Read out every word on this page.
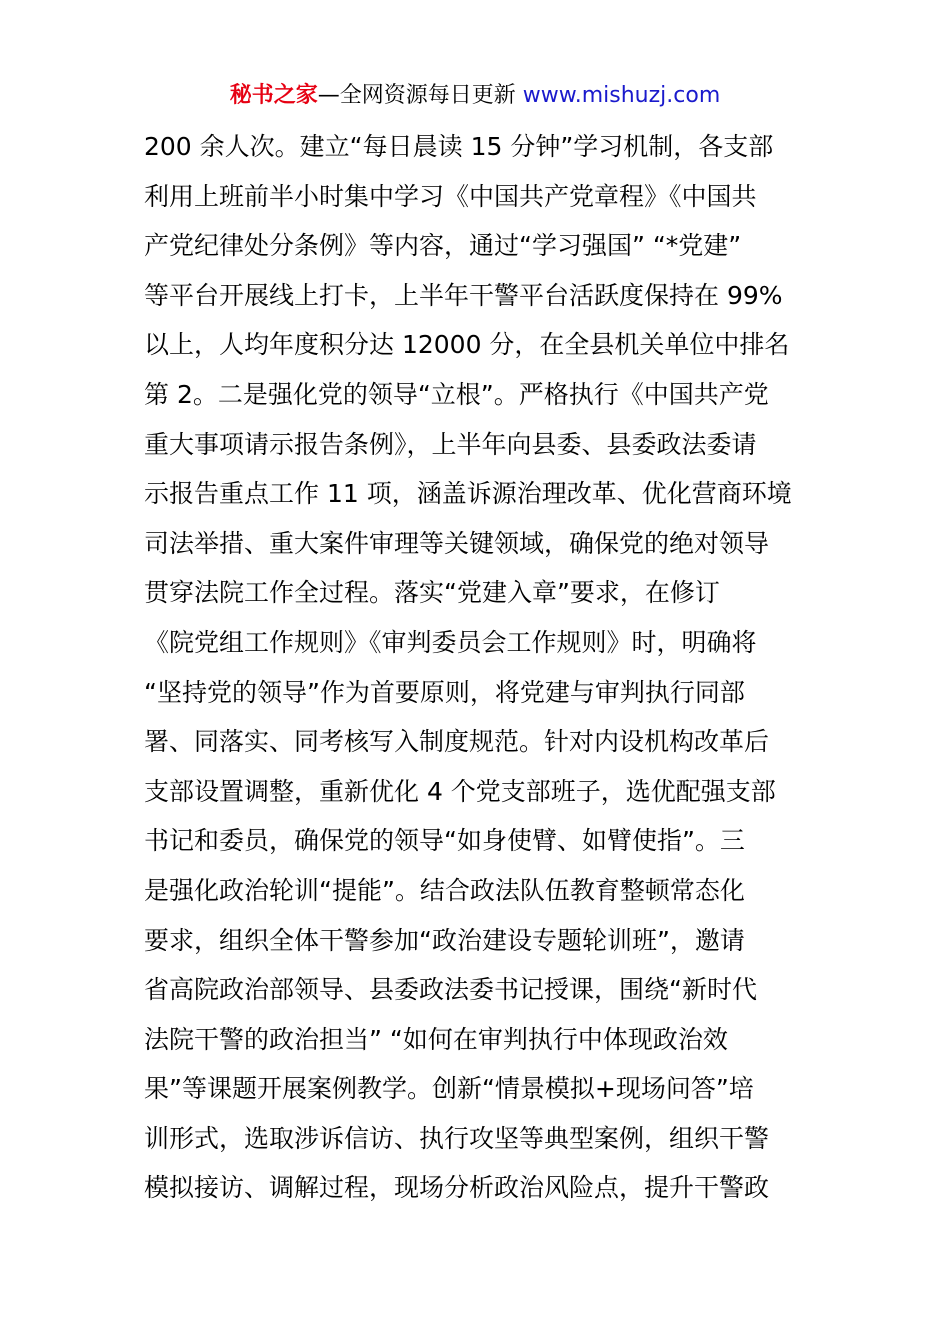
秘书之家—全网资源每日更新 www.mishuzj.com
200 余人次。建立“每日晨读 15 分钟”学习机制，各支部
利用上班前半小时集中学习《中国共产党章程》《中国共
产党纪律处分条例》等内容，通过“学习强国” “*党建”
等平台开展线上打卡，上半年干警平台活跃度保持在 99%
以上，人均年度积分达 12000 分，在全县机关单位中排名
第 2。二是强化党的领导“立根”。严格执行《中国共产党
重大事项请示报告条例》，上半年向县委、县委政法委请
示报告重点工作 11 项，涵盖诉源治理改革、优化营商环境
司法举措、重大案件审理等关键领域，确保党的绝对领导
贯穿法院工作全过程。落实“党建入章”要求，在修订
《院党组工作规则》《审判委员会工作规则》时，明确将
“坚持党的领导”作为首要原则，将党建与审判执行同部
署、同落实、同考核写入制度规范。针对内设机构改革后
支部设置调整，重新优化 4 个党支部班子，选优配强支部
书记和委员，确保党的领导“如身使臂、如臂使指”。三
是强化政治轮训“提能”。结合政法队伍教育整顿常态化
要求，组织全体干警参加“政治建设专题轮训班”，邀请
省高院政治部领导、县委政法委书记授课，围绕“新时代
法院干警的政治担当” “如何在审判执行中体现政治效
果”等课题开展案例教学。创新“情景模拟+现场问答”培
训形式，选取涉诉信访、执行攻坚等典型案例，组织干警
模拟接访、调解过程，现场分析政治风险点，提升干警政
